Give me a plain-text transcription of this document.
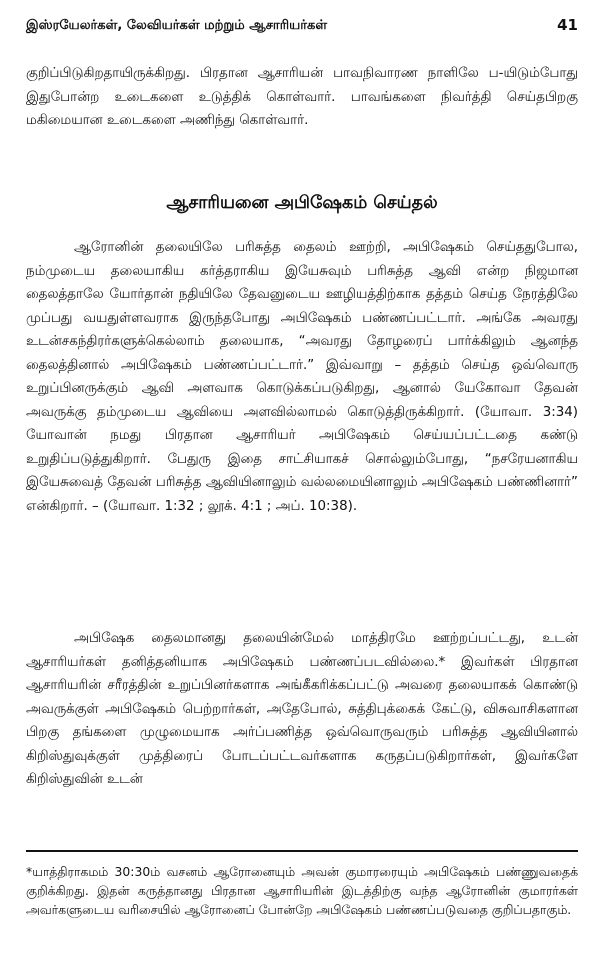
இஸ்ரயேலர்கள், லேவியர்கள் மற்றும் ஆசாரியர்கள்	41

குறிப்பிடுகிறதாயிருக்கிறது. பிரதான ஆசாரியன் பாவநிவாரண நாளிலே ப-யிடும்போது இதுபோன்ற உடைகளை உடுத்திக் கொள்வார். பாவங்களை நிவர்த்தி செய்தபிறகு மகிமையான உடைகளை அணிந்து கொள்வார்.

ஆசாரியனை அபிஷேகம் செய்தல்

ஆரோனின் தலையிலே பரிசுத்த தைலம் ஊற்றி, அபிஷேகம் செய்ததுபோல, நம்முடைய தலையாகிய கர்த்தராகிய இயேசுவும் பரிசுத்த ஆவி என்ற நிஜமான தைலத்தாலே யோர்தான் நதியிலே தேவனுடைய ஊழியத்திற்காக தத்தம் செய்த நேரத்திலே முப்பது வயதுள்ளவராக இருந்தபோது அபிஷேகம் பண்ணப்பட்டார். அங்கே அவரது உடன்சகந்திரர்களுக்கெல்லாம் தலையாக, “அவரது தோழரைப் பார்க்கிலும் ஆனந்த தைலத்தினால் அபிஷேகம் பண்ணப்பட்டார்.” இவ்வாறு – தத்தம் செய்த ஒவ்வொரு உறுப்பினருக்கும் ஆவி அளவாக கொடுக்கப்படுகிறது, ஆனால் யேகோவா தேவன் அவருக்கு தம்முடைய ஆவியை அளவில்லாமல் கொடுத்திருக்கிறார். (யோவா. 3:34) யோவான் நமது பிரதான ஆசாரியர் அபிஷேகம் செய்யப்பட்டதை கண்டு உறுதிப்படுத்துகிறார். பேதுரு இதை சாட்சியாகச் சொல்லும்போது, “நசரேயனாகிய இயேசுவைத் தேவன் பரிசுத்த ஆவியினாலும் வல்லமையினாலும் அபிஷேகம் பண்ணினார்” என்கிறார். – (யோவா. 1:32 ; லூக். 4:1 ; அப். 10:38).

அபிஷேக தைலமானது தலையின்மேல் மாத்திரமே ஊற்றப்பட்டது, உடன் ஆசாரியர்கள் தனித்தனியாக அபிஷேகம் பண்ணப்படவில்லை.* இவர்கள் பிரதான ஆசாரியரின் சரீரத்தின் உறுப்பினர்களாக அங்கீகரிக்கப்பட்டு அவரை தலையாகக் கொண்டு அவருக்குள் அபிஷேகம் பெற்றார்கள், அதேபோல், சுத்திபுக்கைக் கேட்டு, விசுவாசிகளான பிறகு தங்களை முழுமையாக அர்ப்பணித்த ஒவ்வொருவரும் பரிசுத்த ஆவியினால் கிறிஸ்துவுக்குள் முத்திரைப் போடப்பட்டவர்களாக கருதப்படுகிறார்கள், இவர்களே கிறிஸ்துவின் உடன்

*யாத்திராகமம் 30:30ம் வசனம் ஆரோனையும் அவன் குமாரரையும் அபிஷேகம் பண்ணுவதைக் குறிக்கிறது. இதன் கருத்தானது பிரதான ஆசாரியரின் இடத்திற்கு வந்த ஆரோனின் குமாரர்கள் அவர்களுடைய வரிசையில் ஆரோனைப் போன்றே அபிஷேகம் பண்ணப்படுவதை குறிப்பதாகும்.
